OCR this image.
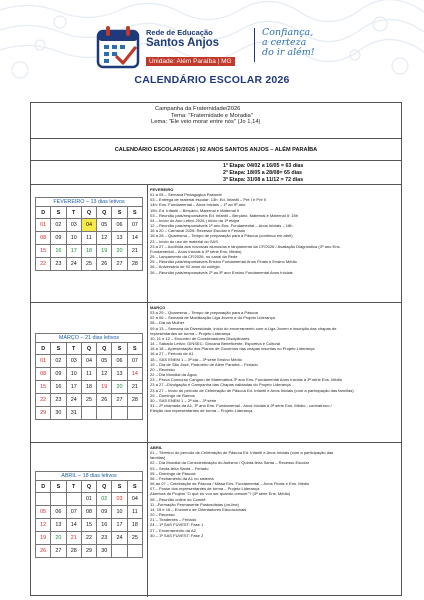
Rede de Educação
Santos Anjos
Unidade: Além Paraíba | MG
Confiança,
a certeza
do ir além!
CALENDÁRIO ESCOLAR 2026
Campanha da Fraternidade/2026
Tema: "Fraternidade e Moradia"
Lema: "Ele veio morar entre nós" (Jo 1,14)
CALENDÁRIO ESCOLAR/2026 | 92 ANOS SANTOS ANJOS – ALÉM PARAÍBA
1ª Etapa: 04/02 a 16/05 = 63 dias
2ª Etapa: 18/05 a 28/08= 65 dias
3ª Etapa: 31/08 a 11/12 = 72 dias
FEVEREIRO – 13 dias letivos
D	S	T	Q	Q	S	S
01	02	03	04	05	06	07
08	09	10	11	12	13	14
15	16	17	18	19	20	21
22	23	24	25	26	27	28
FEVEREIRO
01 a 05 – Semana Pedagógica Pastoral
03 – Entrega de material escolar: 13h: Ed. Infantil – Pré I e Pré II
14h: Ens. Fundamental – Anos Iniciais – 1º ao 5º ano
15h: Ed. Infantil – Berçário, Maternal e Maternal II
03 – Reunião pais/responsáveis Ed. Infantil – Berçário, Maternal e Maternal II: 15h
04 – Início do Ano Letivo 2026 | Início da 1ª etapa
12 – Reunião pais/responsáveis 1º ano Ens. Fundamental – Anos Iniciais – 18h
16 a 20 – Carnaval 2026: Recesso Escolar e Feriado
18 a 28 – Quaresma – Tempo de preparação para a Páscoa (continua em abril)
23 – Início do uso de material do SAS
23 a 27 – Acolhida aos novos/as alunos/as e lançamento da CF/2026 / Avaliação Diagnóstica (3º ano Ens.
Fundamental – Anos Iniciais à 3ª série Ens. Médio)
25 – Lançamento da CF/2026, no canal da Rede
25 – Reunião pais/responsáveis Ensino Fundamental Anos Finais e Ensino Médio
26 – Aniversário de 92 anos do colégio
26 – Reunião pais/responsáveis 2º ao 5º ano Ensino Fundamental Anos Iniciais
MARÇO – 21 dias letivos
D	S	T	Q	Q	S	S
01	02	03	04	05	06	07
08	09	10	11	12	13	14
15	16	17	18	19	20	21
22	23	24	25	26	27	28
29	30	31				
MARÇO
03 a 29 – Quaresma – Tempo de preparação para a Páscoa
02 a 06 – Semana de Mobilização Liga Jovem e do Projeto Liderança
08 – Dia da Mulher
09 a 13 – Semana da Diversidade, início do encerramento com a Liga Jovem e inscrição das chapas de
representantes de turma – Projeto Liderança
10, 11 e 12 – Encontro de Coordenadores Disciplinares
14 – Sábado Letivo: GINSEC: Gincana Beneficente, Esportiva e Cultural
16 a 18 – Apresentação dos Planos de Governos das chapas inscritas no Projeto Liderança
16 a 27 – Período de A1
18 – SAS ENEM 1 – 3ª ida – 3ª série Ensino Médio
19 – Dia de São José, Padroeiro de Além Paraíba – Feriado
20 – Recesso
22 – Dia Mundial da Água
23 – Prova Concurso Canguru de Matemática 3º ano Ens. Fundamental Anos Iniciais à 3ª série Ens. Médio
23 a 27 –Divulgação e Campanha das Chapas validadas do Projeto Liderança
23 a 27 – Início do período de Celebração de Páscoa Ed. Infantil e Anos Iniciais (com a participação das famílias)
29 – Domingo de Ramos
30 – SAS ENEM 1 – 2ª ida – 3ª série
31 – 2ª chamada da A1, 3º ano Ens. Fundamental - Anos Iniciais à 3ª série Ens. Médio - contraturno /
Eleição dos representantes de turma – Projeto Liderança
ABRIL – 18 dias letivos
D	S	T	Q	Q	S	S
			01	02	03	04
05	06	07	08	09	10	11
12	13	14	15	16	17	18
19	20	21	22	23	24	25
26	27	28	29	30		
ABRIL
01 – Término do período de Celebração de Páscoa Ed. Infantil e Anos Iniciais (com a participação das
famílias)
02 – Dia Mundial da Conscientização do Autismo / Quinta-feira Santa – Recesso Escolar
03 – Sexta-feira Santa – Feriado
05 – Domingo de Páscoa
06 – Fechamento da A1 no sistema
06 ao 07 – Celebração de Páscoa / Missa Ens. Fundamental – Anos Finais e Ens. Médio
07 – Posse dos representantes de turma – Projeto Liderança
Abertura do Projeto "O que eu vou ser quando crescer"? (3ª série Ens. Médio)
08 – Reunião online do Comitê
11 –Formação Permanente Postosdistas (on-line)
14, 15 e 16 – Encontro de Orientadores Educacionais
20 – Recesso
21 – Tiradentes – Feriado
24 – 1ª SAS FUVEST: Fase 1
27 – Encerramento da A2
30 – 1ª SAS FUVEST: Fase 2
